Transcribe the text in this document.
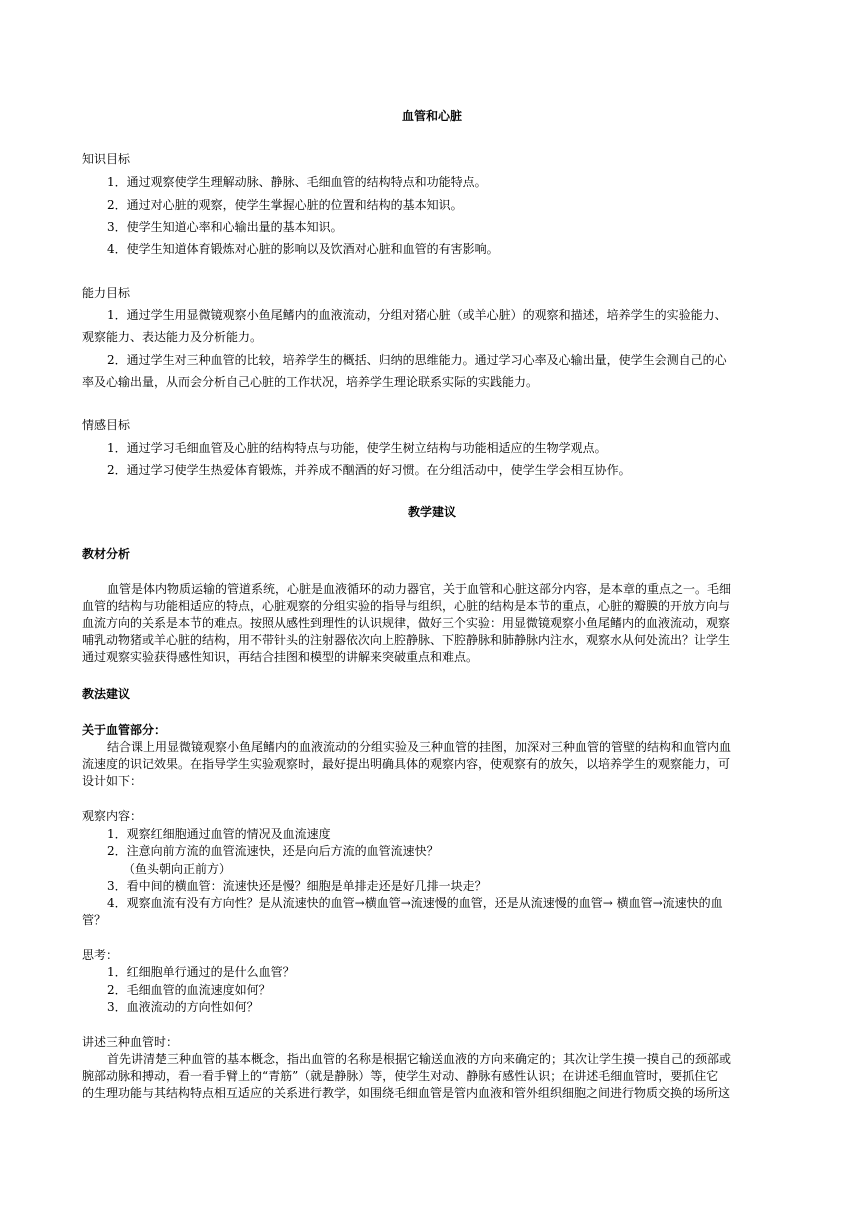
血管和心脏
知识目标
1．通过观察使学生理解动脉、静脉、毛细血管的结构特点和功能特点。
2．通过对心脏的观察，使学生掌握心脏的位置和结构的基本知识。
3．使学生知道心率和心输出量的基本知识。
4．使学生知道体育锻炼对心脏的影响以及饮酒对心脏和血管的有害影响。
能力目标
1．通过学生用显微镜观察小鱼尾鳍内的血液流动，分组对猪心脏（或羊心脏）的观察和描述，培养学生的实验能力、
观察能力、表达能力及分析能力。
2．通过学生对三种血管的比较，培养学生的概括、归纳的思维能力。通过学习心率及心输出量，使学生会测自己的心
率及心输出量，从而会分析自己心脏的工作状况，培养学生理论联系实际的实践能力。
情感目标
1．通过学习毛细血管及心脏的结构特点与功能，使学生树立结构与功能相适应的生物学观点。
2．通过学习使学生热爱体育锻炼，并养成不酗酒的好习惯。在分组活动中，使学生学会相互协作。
教学建议
教材分析
血管是体内物质运输的管道系统，心脏是血液循环的动力器官，关于血管和心脏这部分内容，是本章的重点之一。毛细
血管的结构与功能相适应的特点，心脏观察的分组实验的指导与组织，心脏的结构是本节的重点，心脏的瓣膜的开放方向与
血流方向的关系是本节的难点。按照从感性到理性的认识规律，做好三个实验：用显微镜观察小鱼尾鳍内的血液流动，观察
哺乳动物猪或羊心脏的结构，用不带针头的注射器依次向上腔静脉、下腔静脉和肺静脉内注水，观察水从何处流出？让学生
通过观察实验获得感性知识，再结合挂图和模型的讲解来突破重点和难点。
教法建议
关于血管部分：
结合课上用显微镜观察小鱼尾鳍内的血液流动的分组实验及三种血管的挂图，加深对三种血管的管壁的结构和血管内血
流速度的识记效果。在指导学生实验观察时，最好提出明确具体的观察内容，使观察有的放矢，以培养学生的观察能力，可
设计如下：
观察内容：
1．观察红细胞通过血管的情况及血流速度
2．注意向前方流的血管流速快，还是向后方流的血管流速快？
（鱼头朝向正前方）
3．看中间的横血管：流速快还是慢？细胞是单排走还是好几排一块走？
4．观察血流有没有方向性？是从流速快的血管→横血管→流速慢的血管，还是从流速慢的血管→ 横血管→流速快的血
管？
思考：
1．红细胞单行通过的是什么血管？
2．毛细血管的血流速度如何？
3．血液流动的方向性如何？
讲述三种血管时：
首先讲清楚三种血管的基本概念，指出血管的名称是根据它输送血液的方向来确定的；其次让学生摸一摸自己的颈部或
腕部动脉和搏动，看一看手臂上的“青筋”（就是静脉）等，使学生对动、静脉有感性认识；在讲述毛细血管时，要抓住它
的生理功能与其结构特点相互适应的关系进行教学，如围绕毛细血管是管内血液和管外组织细胞之间进行物质交换的场所这
